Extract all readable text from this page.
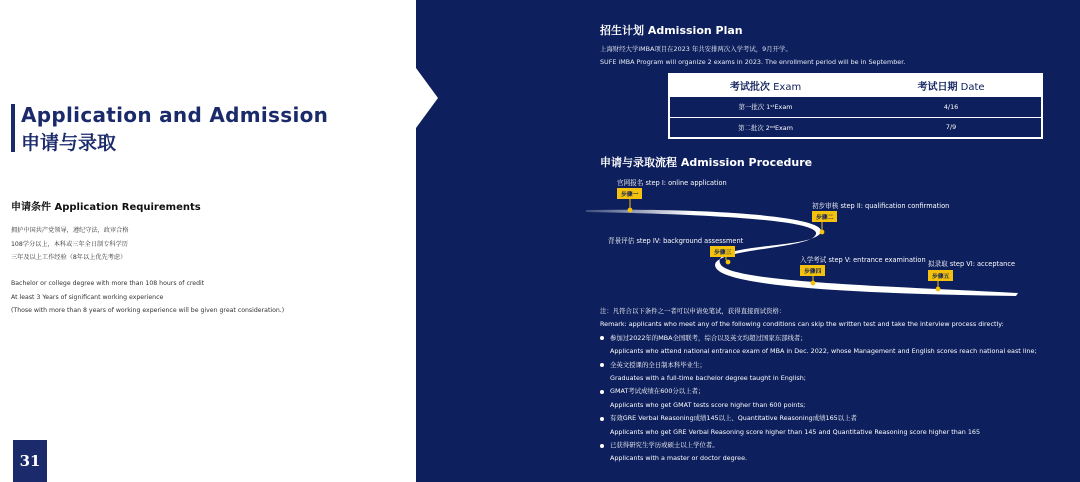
Application and Admission
申请与录取
申请条件 Application Requirements
拥护中国共产党领导，遵纪守法，政审合格
108学分以上，本科或三年全日制专科学历
三年及以上工作经验（8年以上优先考虑）
Bachelor or college degree with more than 108 hours of credit
At least 3 Years of significant working experience
(Those with more than 8 years of working experience will be given great consideration.)
31
招生计划 Admission Plan
上海财经大学iMBA项目在2023 年共安排两次入学考试，9月开学。
SUFE iMBA Program will organize 2 exams in 2023. The enrollment period will be in September.
考试批次 Exam	考试日期 Date
第一批次 1ˢᵗExam	4/16
第二批次 2ⁿᵈExam	7/9
申请与录取流程 Admission Procedure
官网报名 step I: online application
步骤一
初步审核 step II: qualification confirmation
步骤二
背景评估 step IV: background assessment
步骤三
入学考试 step V: entrance examination
步骤四
拟录取 step VI: acceptance
步骤五
注：凡符合以下条件之一者可以申请免笔试，获得直接面试资格：
Remark: applicants who meet any of the following conditions can skip the written test and take the interview process directly:
参加过2022年的MBA全国联考，综合以及英文均超过国家东部线者；
Applicants who attend national entrance exam of MBA in Dec. 2022, whose Management and English scores reach national east line;
全英文授课的全日制本科毕业生；
Graduates with a full-time bachelor degree taught in English;
GMAT考试成绩在600分以上者；
Applicants who get GMAT tests score higher than 600 points;
有效GRE Verbal Reasoning成绩145以上、Quantitative Reasoning成绩165以上者
Applicants who get GRE Verbal Reasoning score higher than 145 and Quantitative Reasoning score higher than 165
已获得研究生学历或硕士以上学位者。
Applicants with a master or doctor degree.
